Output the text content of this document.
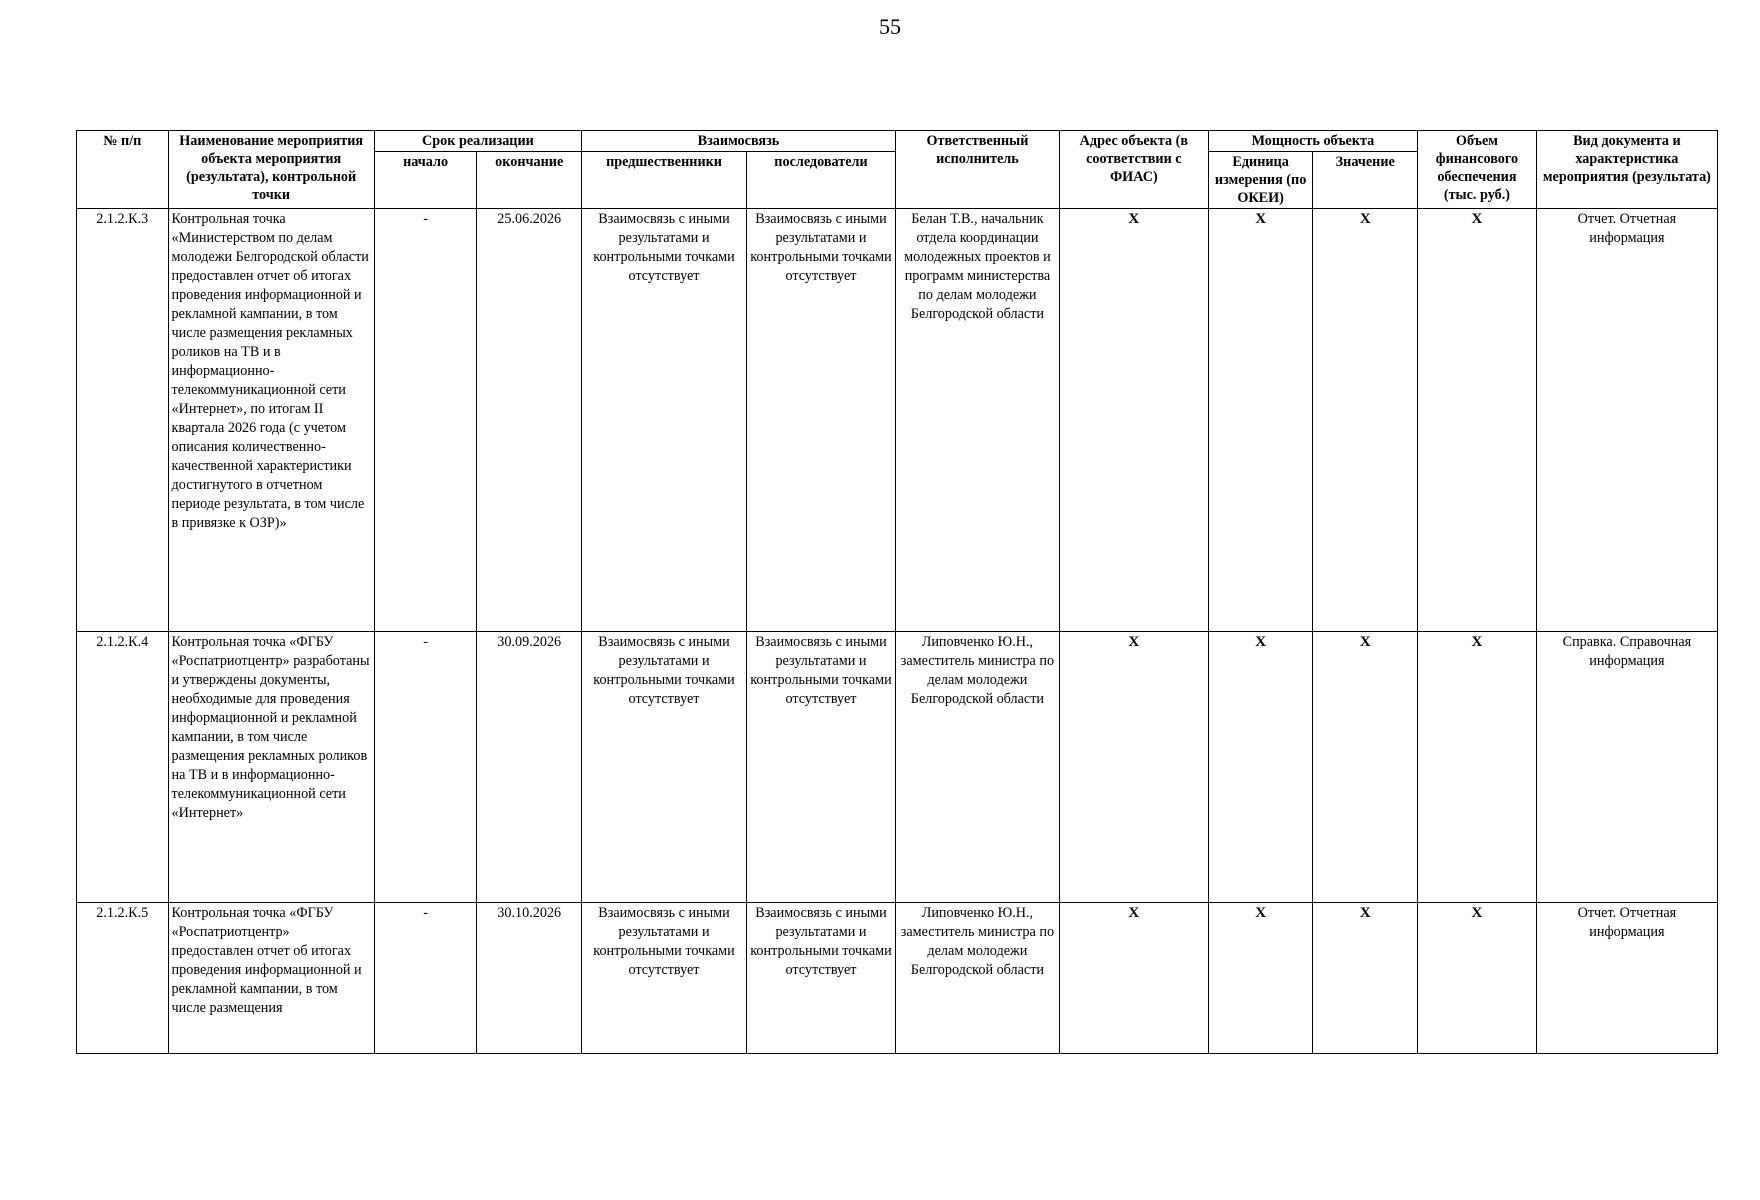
55
№ п/п	Наименование мероприятия объекта мероприятия (результата), контрольной точки	Срок реализации		Взаимосвязь		Ответственный исполнитель	Адрес объекта (в соответствии с ФИАС)	Мощность объекта		Объем финансового обеспечения (тыс. руб.)	Вид документа и характеристика мероприятия (результата)
		начало	окончание	предшественники	последователи			Единица измерения (по ОКЕИ)	Значение		
2.1.2.К.3	Контрольная точка «Министерством по делам молодежи Белгородской области предоставлен отчет об итогах проведения информационной и рекламной кампании, в том числе размещения рекламных роликов на ТВ и в информационно-телекоммуникационной сети «Интернет», по итогам II квартала 2026 года (с учетом описания количественно-качественной характеристики достигнутого в отчетном периоде результата, в том числе в привязке к ОЗР)»	-	25.06.2026	Взаимосвязь с иными результатами и контрольными точками отсутствует	Взаимосвязь с иными результатами и контрольными точками отсутствует	Белан Т.В., начальник отдела координации молодежных проектов и программ министерства по делам молодежи Белгородской области	X	X	X	X	Отчет. Отчетная информация
2.1.2.К.4	Контрольная точка «ФГБУ «Роспатриотцентр» разработаны и утверждены документы, необходимые для проведения информационной и рекламной кампании, в том числе размещения рекламных роликов на ТВ и в информационно-телекоммуникационной сети «Интернет»	-	30.09.2026	Взаимосвязь с иными результатами и контрольными точками отсутствует	Взаимосвязь с иными результатами и контрольными точками отсутствует	Липовченко Ю.Н., заместитель министра по делам молодежи Белгородской области	X	X	X	X	Справка. Справочная информация
2.1.2.К.5	Контрольная точка «ФГБУ «Роспатриотцентр» предоставлен отчет об итогах проведения информационной и рекламной кампании, в том числе размещения	-	30.10.2026	Взаимосвязь с иными результатами и контрольными точками отсутствует	Взаимосвязь с иными результатами и контрольными точками отсутствует	Липовченко Ю.Н., заместитель министра по делам молодежи Белгородской области	X	X	X	X	Отчет. Отчетная информация
